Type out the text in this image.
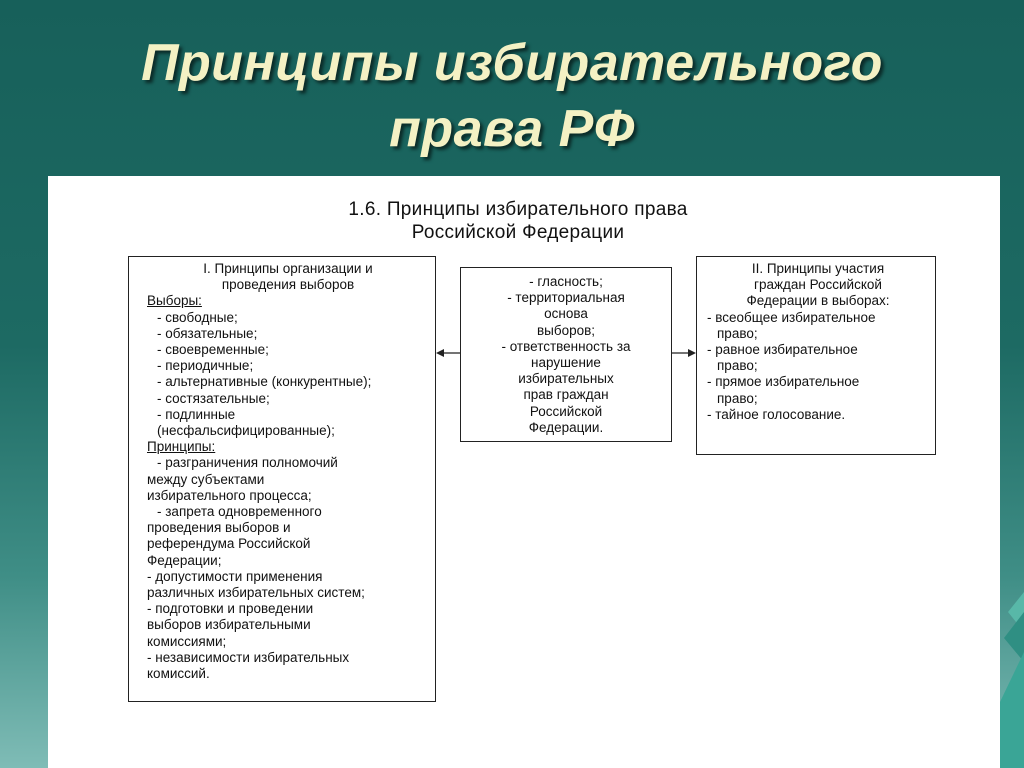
Принципы избирательного
права РФ
1.6. Принципы избирательного права
Российской Федерации
I. Принципы организации и
проведения выборов
Выборы:
- свободные;
- обязательные;
- своевременные;
- периодичные;
- альтернативные (конкурентные);
- состязательные;
- подлинные
(несфальсифицированные);
Принципы:
- разграничения полномочий
между субъектами
избирательного процесса;
- запрета одновременного
проведения выборов и
референдума Российской
Федерации;
- допустимости применения
различных избирательных систем;
- подготовки и проведении
выборов избирательными
комиссиями;
- независимости избирательных
комиссий.
- гласность;
- территориальная
основа
выборов;
- ответственность за
нарушение
избирательных
прав граждан
Российской
Федерации.
II. Принципы участия
граждан Российской
Федерации в выборах:
- всеобщее избирательное
право;
- равное избирательное
право;
- прямое избирательное
право;
- тайное голосование.
